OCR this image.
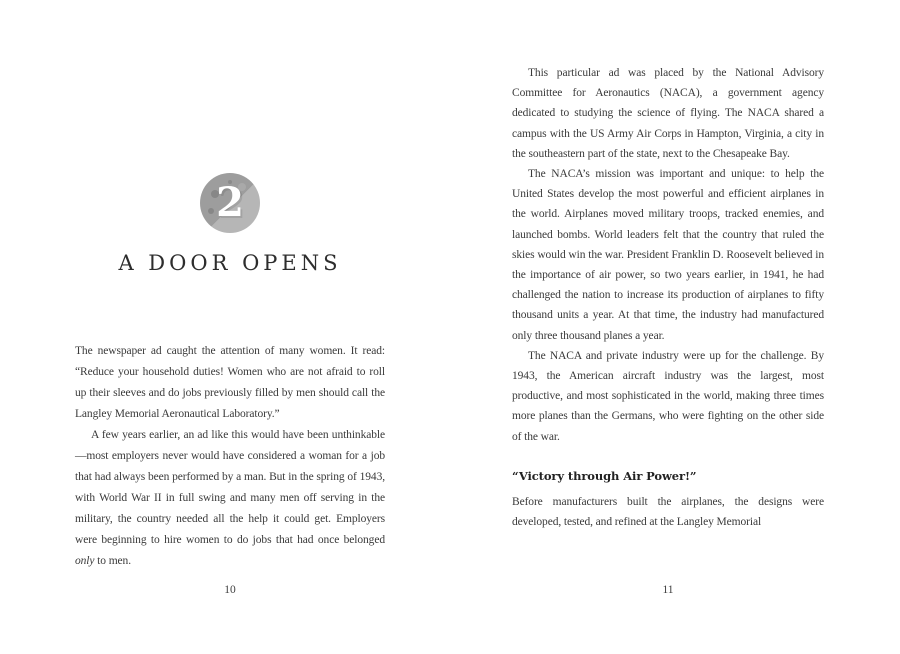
2
A DOOR OPENS

The newspaper ad caught the attention of many women. It read: “Reduce your household duties! Women who are not afraid to roll up their sleeves and do jobs previously filled by men should call the Langley Memorial Aeronautical Laboratory.”

A few years earlier, an ad like this would have been unthinkable—most employers never would have considered a woman for a job that had always been performed by a man. But in the spring of 1943, with World War II in full swing and many men off serving in the military, the country needed all the help it could get. Employers were beginning to hire women to do jobs that had once belonged only to men.

10

This particular ad was placed by the National Advisory Committee for Aeronautics (NACA), a government agency dedicated to studying the science of flying. The NACA shared a campus with the US Army Air Corps in Hampton, Virginia, a city in the southeastern part of the state, next to the Chesapeake Bay.

The NACA’s mission was important and unique: to help the United States develop the most powerful and efficient airplanes in the world. Airplanes moved military troops, tracked enemies, and launched bombs. World leaders felt that the country that ruled the skies would win the war. President Franklin D. Roosevelt believed in the importance of air power, so two years earlier, in 1941, he had challenged the nation to increase its production of airplanes to fifty thousand units a year. At that time, the industry had manufactured only three thousand planes a year.

The NACA and private industry were up for the challenge. By 1943, the American aircraft industry was the largest, most productive, and most sophisticated in the world, making three times more planes than the Germans, who were fighting on the other side of the war.

“Victory through Air Power!”

Before manufacturers built the airplanes, the designs were developed, tested, and refined at the Langley Memorial

11
